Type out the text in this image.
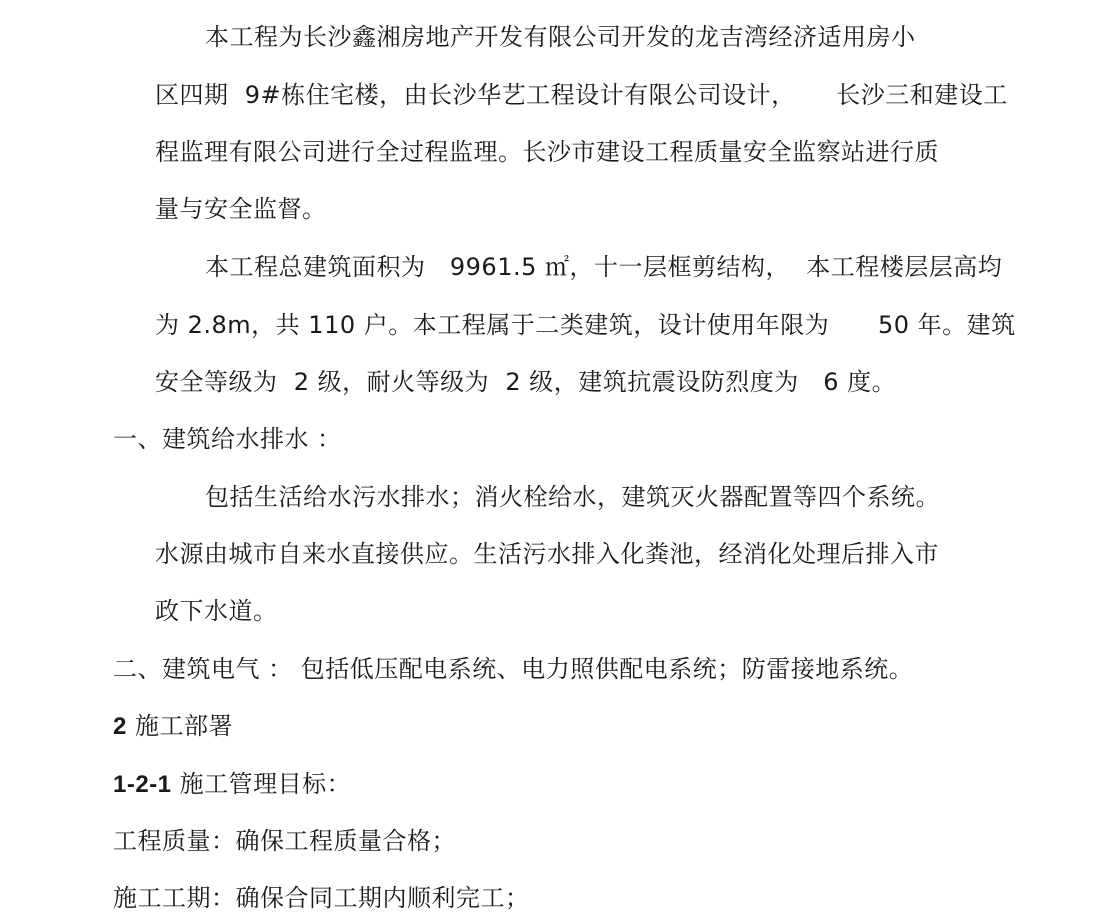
本工程为长沙鑫湘房地产开发有限公司开发的龙吉湾经济适用房小
区四期  9#栋住宅楼，由长沙华艺工程设计有限公司设计，     长沙三和建设工
程监理有限公司进行全过程监理。长沙市建设工程质量安全监察站进行质
量与安全监督。
本工程总建筑面积为   9961.5 ㎡，十一层框剪结构，  本工程楼层层高均
为 2.8m，共 110 户。本工程属于二类建筑，设计使用年限为      50 年。建筑
安全等级为  2 级，耐火等级为  2 级，建筑抗震设防烈度为   6 度。
一、建筑给水排水 ：
包括生活给水污水排水；消火栓给水，建筑灭火器配置等四个系统。
水源由城市自来水直接供应。生活污水排入化粪池，经消化处理后排入市
政下水道。
二、建筑电气 ： 包括低压配电系统、电力照供配电系统；防雷接地系统。
2 施工部署
1-2-1 施工管理目标：
工程质量：确保工程质量合格；
施工工期：确保合同工期内顺利完工；
